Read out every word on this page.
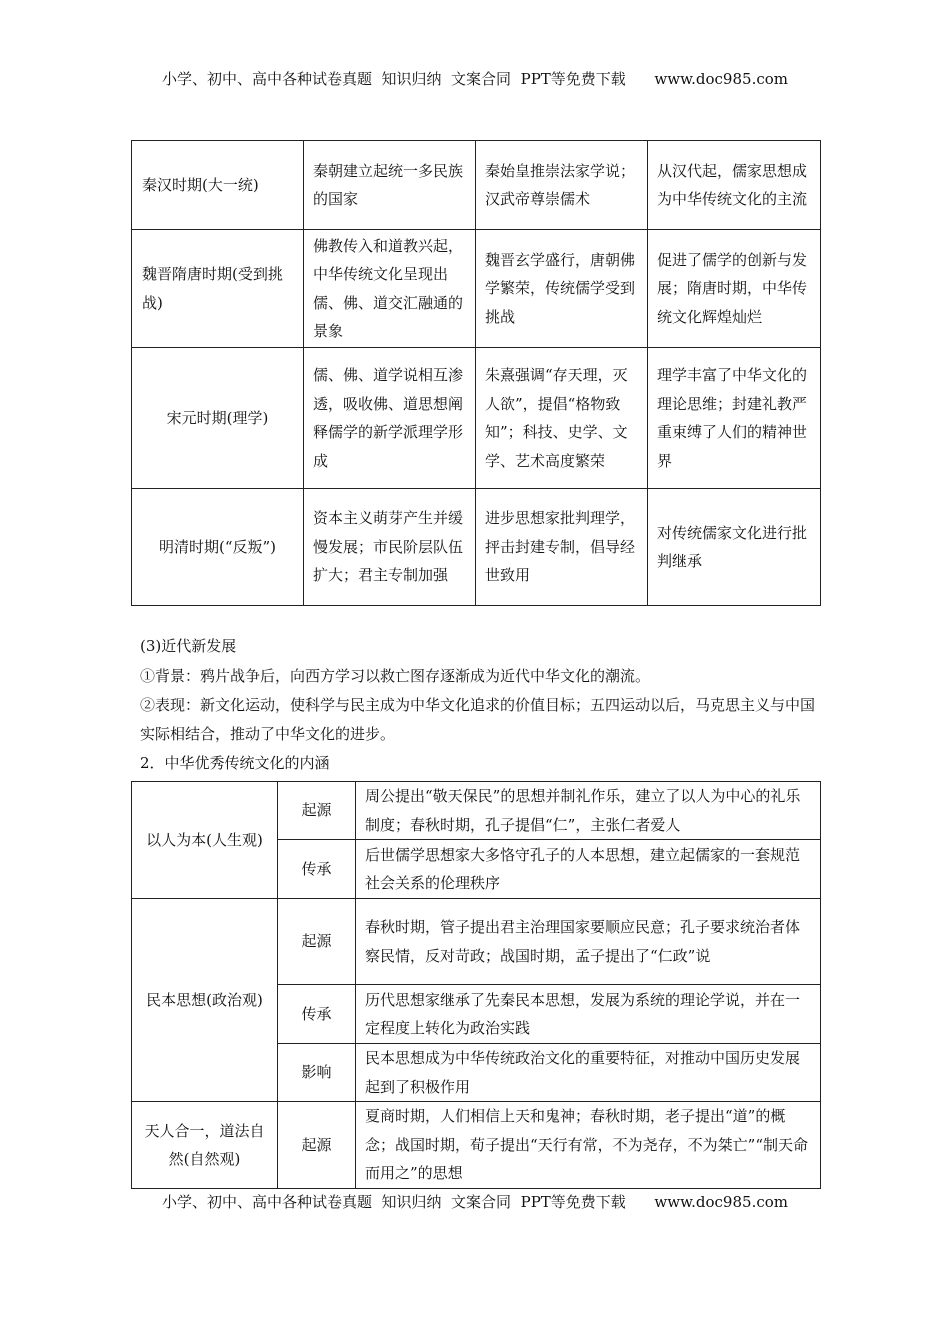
小学、初中、高中各种试卷真题  知识归纳  文案合同  PPT等免费下载      www.doc985.com
秦汉时期(大一统)	秦朝建立起统一多民族的国家	秦始皇推崇法家学说；汉武帝尊崇儒术	从汉代起，儒家思想成为中华传统文化的主流
魏晋隋唐时期(受到挑战)	佛教传入和道教兴起，中华传统文化呈现出儒、佛、道交汇融通的景象	魏晋玄学盛行，唐朝佛学繁荣，传统儒学受到挑战	促进了儒学的创新与发展；隋唐时期，中华传统文化辉煌灿烂
宋元时期(理学)	儒、佛、道学说相互渗透，吸收佛、道思想阐释儒学的新学派理学形成	朱熹强调“存天理，灭人欲”，提倡“格物致知”；科技、史学、文学、艺术高度繁荣	理学丰富了中华文化的理论思维；封建礼教严重束缚了人们的精神世界
明清时期(“反叛”)	资本主义萌芽产生并缓慢发展；市民阶层队伍扩大；君主专制加强	进步思想家批判理学，抨击封建专制，倡导经世致用	对传统儒家文化进行批判继承
(3)近代新发展
①背景：鸦片战争后，向西方学习以救亡图存逐渐成为近代中华文化的潮流。
②表现：新文化运动，使科学与民主成为中华文化追求的价值目标；五四运动以后，马克思主义与中国实际相结合，推动了中华文化的进步。
2．中华优秀传统文化的内涵
以人为本(人生观)	起源	周公提出“敬天保民”的思想并制礼作乐，建立了以人为中心的礼乐制度；春秋时期，孔子提倡“仁”，主张仁者爱人
	传承	后世儒学思想家大多恪守孔子的人本思想，建立起儒家的一套规范社会关系的伦理秩序
民本思想(政治观)	起源	春秋时期，管子提出君主治理国家要顺应民意；孔子要求统治者体察民情，反对苛政；战国时期，孟子提出了“仁政”说
	传承	历代思想家继承了先秦民本思想，发展为系统的理论学说，并在一定程度上转化为政治实践
	影响	民本思想成为中华传统政治文化的重要特征，对推动中国历史发展起到了积极作用
天人合一，道法自然(自然观)	起源	夏商时期，人们相信上天和鬼神；春秋时期，老子提出“道”的概念；战国时期，荀子提出“天行有常，不为尧存，不为桀亡”“制天命而用之”的思想
小学、初中、高中各种试卷真题  知识归纳  文案合同  PPT等免费下载      www.doc985.com
